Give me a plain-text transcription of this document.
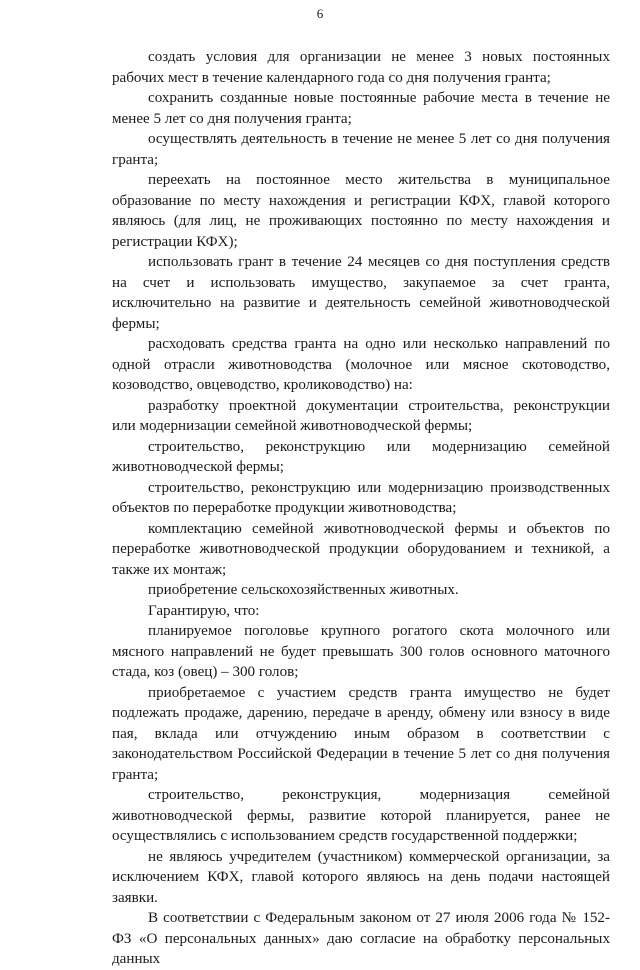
6

создать условия для организации не менее 3 новых постоянных рабочих мест в течение календарного года со дня получения гранта;

сохранить созданные новые постоянные рабочие места в течение не менее 5 лет со дня получения гранта;

осуществлять деятельность в течение не менее 5 лет со дня получения гранта;

переехать на постоянное место жительства в муниципальное образование по месту нахождения и регистрации КФХ, главой которого являюсь (для лиц, не проживающих постоянно по месту нахождения и регистрации КФХ);

использовать грант в течение 24 месяцев со дня поступления средств на счет и использовать имущество, закупаемое за счет гранта, исключительно на развитие и деятельность семейной животноводческой фермы;

расходовать средства гранта на одно или несколько направлений по одной отрасли животноводства (молочное или мясное скотоводство, козоводство, овцеводство, кролиководство) на:

разработку проектной документации строительства, реконструкции или модернизации семейной животноводческой фермы;

строительство, реконструкцию или модернизацию семейной животноводческой фермы;

строительство, реконструкцию или модернизацию производственных объектов по переработке продукции животноводства;

комплектацию семейной животноводческой фермы и объектов по переработке животноводческой продукции оборудованием и техникой, а также их монтаж;

приобретение сельскохозяйственных животных.

Гарантирую, что:

планируемое поголовье крупного рогатого скота молочного или мясного направлений не будет превышать 300 голов основного маточного стада, коз (овец) – 300 голов;

приобретаемое с участием средств гранта имущество не будет подлежать продаже, дарению, передаче в аренду, обмену или взносу в виде пая, вклада или отчуждению иным образом в соответствии с законодательством Российской Федерации в течение 5 лет со дня получения гранта;

строительство, реконструкция, модернизация семейной животноводческой фермы, развитие которой планируется, ранее не осуществлялись с использованием средств государственной поддержки;

не являюсь учредителем (участником) коммерческой организации, за исключением КФХ, главой которого являюсь на день подачи настоящей заявки.

В соответствии с Федеральным законом от 27 июля 2006 года № 152-ФЗ «О персональных данных» даю согласие на обработку персональных данных
